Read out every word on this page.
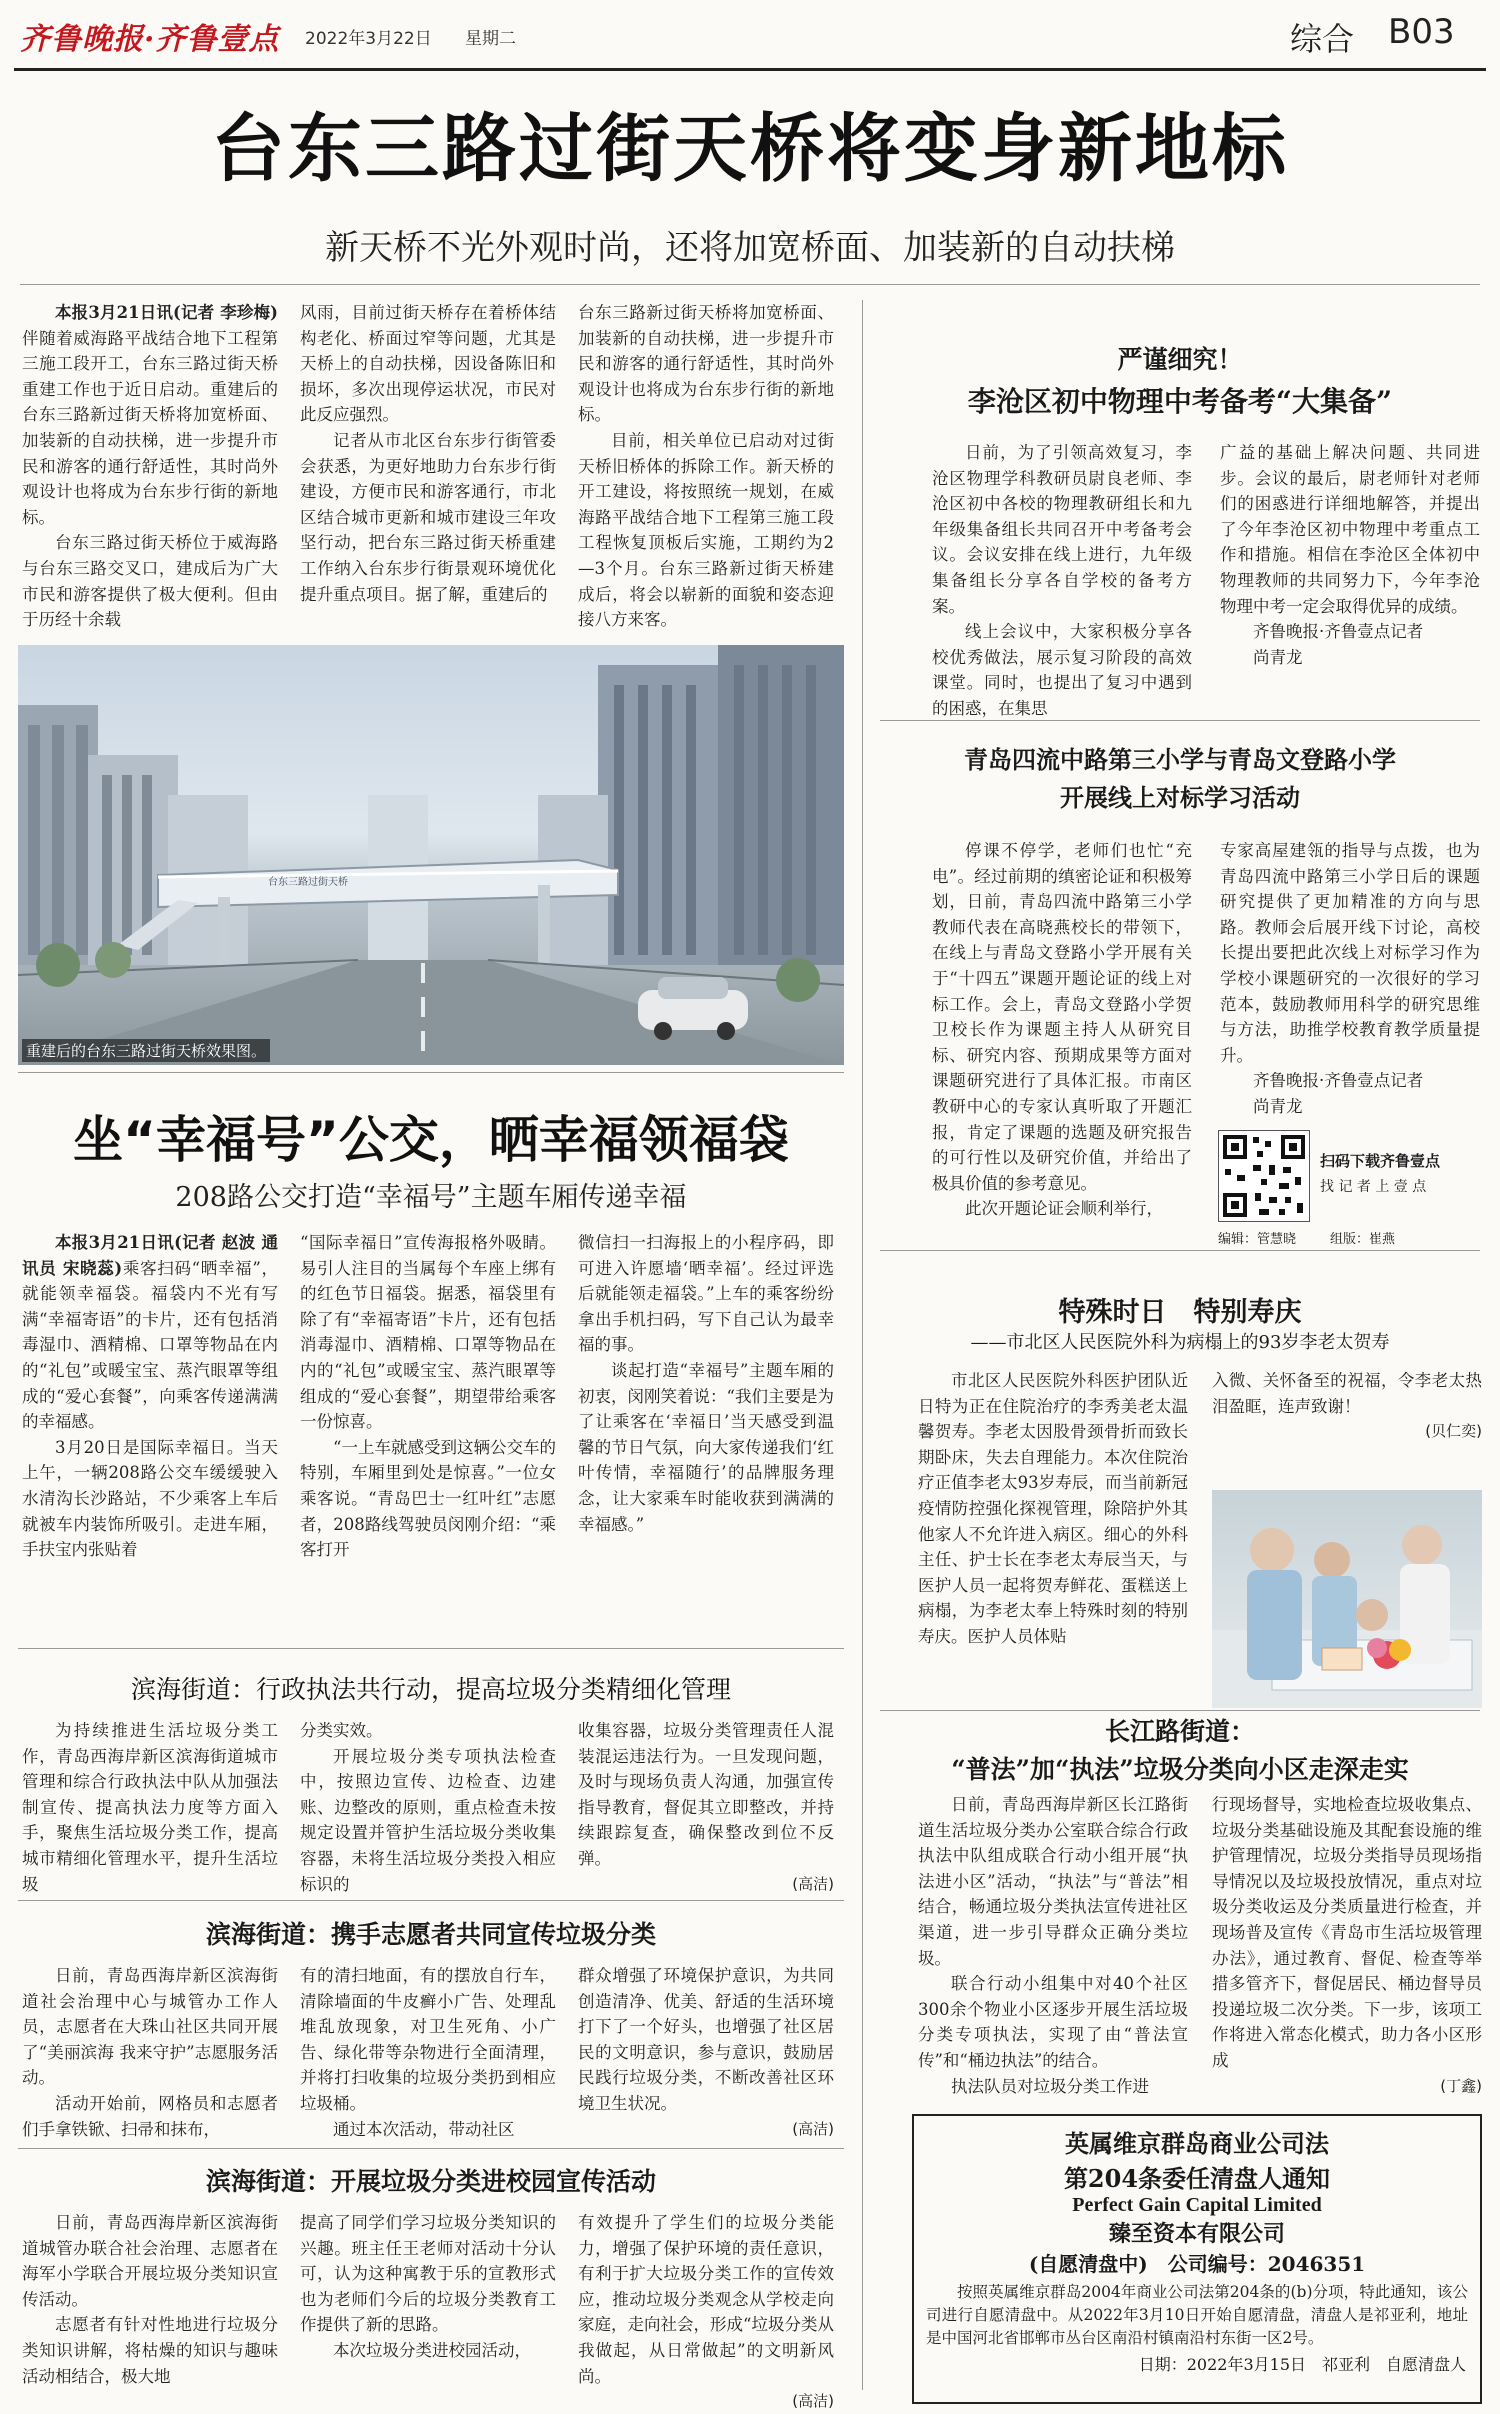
齐鲁晚报·齐鲁壹点 2022年3月22日 星期二	综合 B03
台东三路过街天桥将变身新地标
新天桥不光外观时尚，还将加宽桥面、加装新的自动扶梯

本报3月21日讯(记者 李珍梅)伴随着威海路平战结合地下工程第三施工段开工，台东三路过街天桥重建工作也于近日启动。重建后的台东三路新过街天桥将加宽桥面、加装新的自动扶梯，进一步提升市民和游客的通行舒适性，其时尚外观设计也将成为台东步行街的新地标。

台东三路过街天桥位于威海路与台东三路交叉口，建成后为广大市民和游客提供了极大便利。但由于历经十余载

风雨，目前过街天桥存在着桥体结构老化、桥面过窄等问题，尤其是天桥上的自动扶梯，因设备陈旧和损坏，多次出现停运状况，市民对此反应强烈。

记者从市北区台东步行街管委会获悉，为更好地助力台东步行街建设，方便市民和游客通行，市北区结合城市更新和城市建设三年攻坚行动，把台东三路过街天桥重建工作纳入台东步行街景观环境优化提升重点项目。据了解，重建后的

台东三路新过街天桥将加宽桥面、加装新的自动扶梯，进一步提升市民和游客的通行舒适性，其时尚外观设计也将成为台东步行街的新地标。

目前，相关单位已启动对过街天桥旧桥体的拆除工作。新天桥的开工建设，将按照统一规划，在威海路平战结合地下工程第三施工段工程恢复顶板后实施，工期约为2—3个月。台东三路新过街天桥建成后，将会以崭新的面貌和姿态迎接八方来客。

台东三路过街天桥
重建后的台东三路过街天桥效果图。
坐“幸福号”公交，晒幸福领福袋
208路公交打造“幸福号”主题车厢传递幸福

本报3月21日讯(记者 赵波 通讯员 宋晓蕊)乘客扫码“晒幸福”，就能领幸福袋。福袋内不光有写满“幸福寄语”的卡片，还有包括消毒湿巾、酒精棉、口罩等物品在内的“礼包”或暖宝宝、蒸汽眼罩等组成的“爱心套餐”，向乘客传递满满的幸福感。

3月20日是国际幸福日。当天上午，一辆208路公交车缓缓驶入水清沟长沙路站，不少乘客上车后就被车内装饰所吸引。走进车厢，手扶宝内张贴着

“国际幸福日”宣传海报格外吸睛。易引人注目的当属每个车座上绑有的红色节日福袋。据悉，福袋里有除了有“幸福寄语”卡片，还有包括消毒湿巾、酒精棉、口罩等物品在内的“礼包”或暖宝宝、蒸汽眼罩等组成的“爱心套餐”，期望带给乘客一份惊喜。

“一上车就感受到这辆公交车的特别，车厢里到处是惊喜。”一位女乘客说。“青岛巴士一红叶红”志愿者，208路线驾驶员闵刚介绍：“乘客打开

微信扫一扫海报上的小程序码，即可进入许愿墙‘晒幸福’。经过评选后就能领走福袋。”上车的乘客纷纷拿出手机扫码，写下自己认为最幸福的事。

谈起打造“幸福号”主题车厢的初衷，闵刚笑着说：“我们主要是为了让乘客在‘幸福日’当天感受到温馨的节日气氛，向大家传递我们‘红叶传情，幸福随行’的品牌服务理念，让大家乘车时能收获到满满的幸福感。”

滨海街道：行政执法共行动，提高垃圾分类精细化管理

为持续推进生活垃圾分类工作，青岛西海岸新区滨海街道城市管理和综合行政执法中队从加强法制宣传、提高执法力度等方面入手，聚焦生活垃圾分类工作，提高城市精细化管理水平，提升生活垃圾

分类实效。

开展垃圾分类专项执法检查中，按照边宣传、边检查、边建账、边整改的原则，重点检查未按规定设置并管护生活垃圾分类收集容器，未将生活垃圾分类投入相应标识的

收集容器，垃圾分类管理责任人混装混运违法行为。一旦发现问题，及时与现场负责人沟通，加强宣传指导教育，督促其立即整改，并持续跟踪复查，确保整改到位不反弹。

(高洁)
滨海街道：携手志愿者共同宣传垃圾分类

日前，青岛西海岸新区滨海街道社会治理中心与城管办工作人员，志愿者在大珠山社区共同开展了“美丽滨海 我来守护”志愿服务活动。

活动开始前，网格员和志愿者们手拿铁锨、扫帚和抹布，

有的清扫地面，有的摆放自行车，清除墙面的牛皮癣小广告、处理乱堆乱放现象，对卫生死角、小广告、绿化带等杂物进行全面清理，并将打扫收集的垃圾分类扔到相应垃圾桶。

通过本次活动，带动社区

群众增强了环境保护意识，为共同创造清净、优美、舒适的生活环境打下了一个好头，也增强了社区居民的文明意识，参与意识，鼓励居民践行垃圾分类，不断改善社区环境卫生状况。

(高洁)
滨海街道：开展垃圾分类进校园宣传活动

日前，青岛西海岸新区滨海街道城管办联合社会治理、志愿者在海军小学联合开展垃圾分类知识宣传活动。

志愿者有针对性地进行垃圾分类知识讲解，将枯燥的知识与趣味活动相结合，极大地

提高了同学们学习垃圾分类知识的兴趣。班主任王老师对活动十分认可，认为这种寓教于乐的宣教形式也为老师们今后的垃圾分类教育工作提供了新的思路。

本次垃圾分类进校园活动，

有效提升了学生们的垃圾分类能力，增强了保护环境的责任意识，有利于扩大垃圾分类工作的宣传效应，推动垃圾分类观念从学校走向家庭，走向社会，形成“垃圾分类从我做起，从日常做起”的文明新风尚。

(高洁)
严谨细究！
李沧区初中物理中考备考“大集备”

日前，为了引领高效复习，李沧区物理学科教研员尉良老师、李沧区初中各校的物理教研组长和九年级集备组长共同召开中考备考会议。会议安排在线上进行，九年级集备组长分享各自学校的备考方案。

线上会议中，大家积极分享各校优秀做法，展示复习阶段的高效课堂。同时，也提出了复习中遇到的困惑，在集思

广益的基础上解决问题、共同进步。会议的最后，尉老师针对老师们的困惑进行详细地解答，并提出了今年李沧区初中物理中考重点工作和措施。相信在李沧区全体初中物理教师的共同努力下，今年李沧物理中考一定会取得优异的成绩。

齐鲁晚报·齐鲁壹点记者

尚青龙

青岛四流中路第三小学与青岛文登路小学
开展线上对标学习活动

停课不停学，老师们也忙“充电”。经过前期的缜密论证和积极筹划，日前，青岛四流中路第三小学教师代表在高晓燕校长的带领下，在线上与青岛文登路小学开展有关于“十四五”课题开题论证的线上对标工作。会上，青岛文登路小学贺卫校长作为课题主持人从研究目标、研究内容、预期成果等方面对课题研究进行了具体汇报。市南区教研中心的专家认真听取了开题汇报，肯定了课题的选题及研究报告的可行性以及研究价值，并给出了极具价值的参考意见。

此次开题论证会顺利举行，

专家高屋建瓴的指导与点拨，也为青岛四流中路第三小学日后的课题研究提供了更加精准的方向与思路。教师会后展开线下讨论，高校长提出要把此次线上对标学习作为学校小课题研究的一次很好的学习范本，鼓励教师用科学的研究思维与方法，助推学校教育教学质量提升。

齐鲁晚报·齐鲁壹点记者

尚青龙

扫码下载齐鲁壹点
找 记 者 上 壹 点
编辑：管慧晓	组版：崔燕
特殊时日　特别寿庆
——市北区人民医院外科为病榻上的93岁李老太贺寿

市北区人民医院外科医护团队近日特为正在住院治疗的李秀美老太温馨贺寿。李老太因股骨颈骨折而致长期卧床，失去自理能力。本次住院治疗正值李老太93岁寿辰，而当前新冠疫情防控强化探视管理，除陪护外其他家人不允许进入病区。细心的外科主任、护士长在李老太寿辰当天，与医护人员一起将贺寿鲜花、蛋糕送上病榻，为李老太奉上特殊时刻的特别寿庆。医护人员体贴

入微、关怀备至的祝福，令李老太热泪盈眶，连声致谢！

(贝仁奕)
长江路街道：
“普法”加“执法”垃圾分类向小区走深走实

日前，青岛西海岸新区长江路街道生活垃圾分类办公室联合综合行政执法中队组成联合行动小组开展“执法进小区”活动，“执法”与“普法”相结合，畅通垃圾分类执法宣传进社区渠道，进一步引导群众正确分类垃圾。

联合行动小组集中对40个社区300余个物业小区逐步开展生活垃圾分类专项执法，实现了由“普法宣传”和“桶边执法”的结合。

执法队员对垃圾分类工作进

行现场督导，实地检查垃圾收集点、垃圾分类基础设施及其配套设施的维护管理情况，垃圾分类指导员现场指导情况以及垃圾投放情况，重点对垃圾分类收运及分类质量进行检查，并现场普及宣传《青岛市生活垃圾管理办法》，通过教育、督促、检查等举措多管齐下，督促居民、桶边督导员投递垃圾二次分类。下一步，该项工作将进入常态化模式，助力各小区形成

(丁鑫)
英属维京群岛商业公司法
第204条委任清盘人通知
Perfect Gain Capital Limited
臻至资本有限公司
(自愿清盘中)　公司编号：2046351
按照英属维京群岛2004年商业公司法第204条的(b)分项，特此通知，该公司进行自愿清盘中。从2022年3月10日开始自愿清盘，清盘人是祁亚利，地址是中国河北省邯郸市丛台区南沿村镇南沿村东街一区2号。
日期：2022年3月15日　祁亚利　自愿清盘人
